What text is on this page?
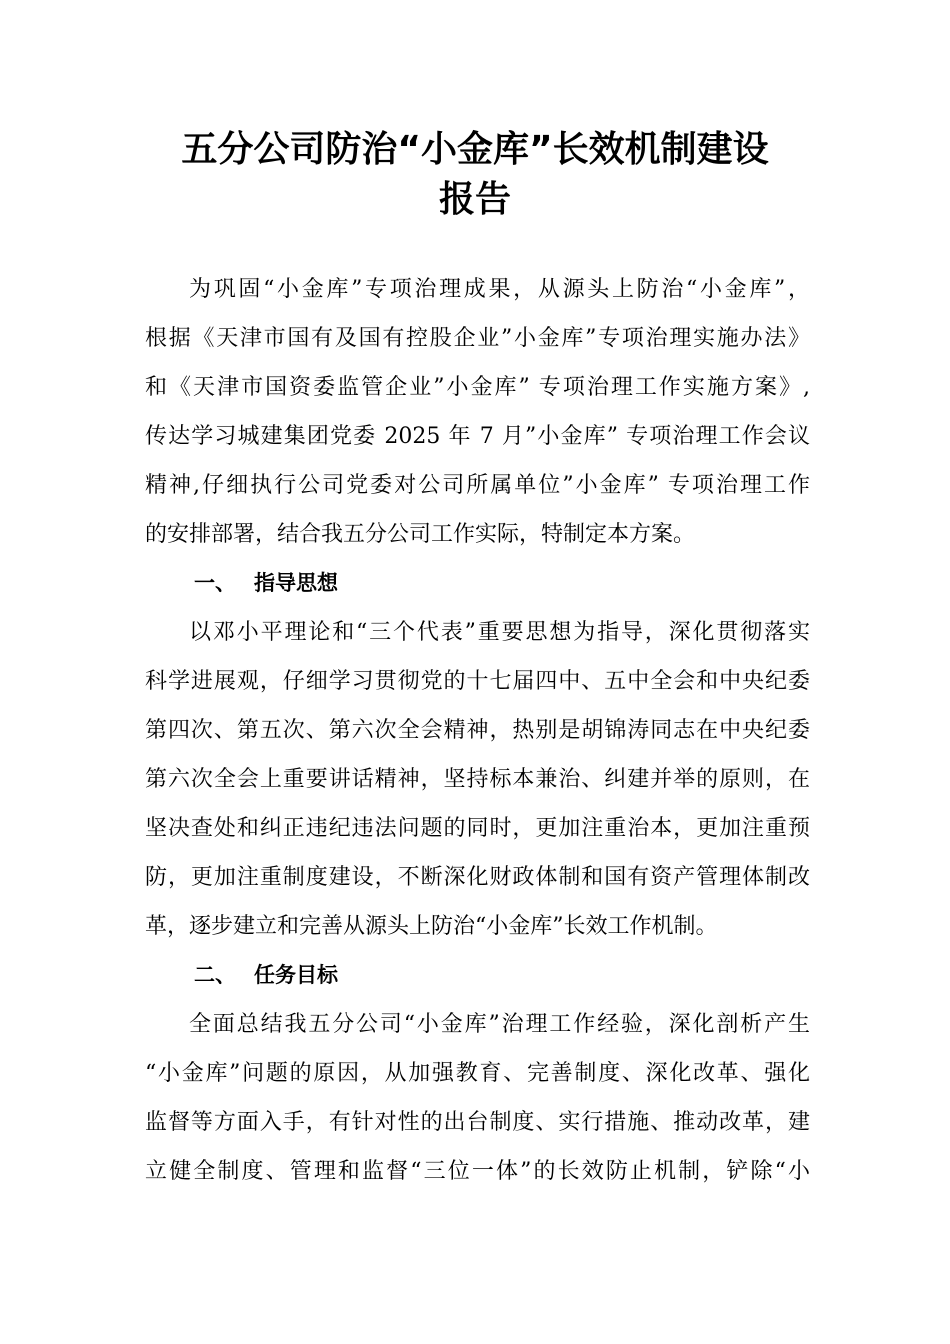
五分公司防治“小金库”长效机制建设
报告
为巩固“小金库”专项治理成果，从源头上防治“小金库”，
根据《天津市国有及国有控股企业”小金库”专项治理实施办法》
和《天津市国资委监管企业”小金库” 专项治理工作实施方案》,
传达学习城建集团党委 2025 年 7 月”小金库” 专项治理工作会议
精神,仔细执行公司党委对公司所属单位”小金库” 专项治理工作
的安排部署，结合我五分公司工作实际，特制定本方案。
一、 指导思想
以邓小平理论和“三个代表”重要思想为指导，深化贯彻落实
科学进展观，仔细学习贯彻党的十七届四中、五中全会和中央纪委
第四次、第五次、第六次全会精神，热别是胡锦涛同志在中央纪委
第六次全会上重要讲话精神，坚持标本兼治、纠建并举的原则，在
坚决查处和纠正违纪违法问题的同时，更加注重治本，更加注重预
防，更加注重制度建设，不断深化财政体制和国有资产管理体制改
革，逐步建立和完善从源头上防治“小金库”长效工作机制。
二、 任务目标
全面总结我五分公司“小金库”治理工作经验，深化剖析产生
“小金库”问题的原因，从加强教育、完善制度、深化改革、强化
监督等方面入手，有针对性的出台制度、实行措施、推动改革，建
立健全制度、管理和监督“三位一体”的长效防止机制，铲除“小
